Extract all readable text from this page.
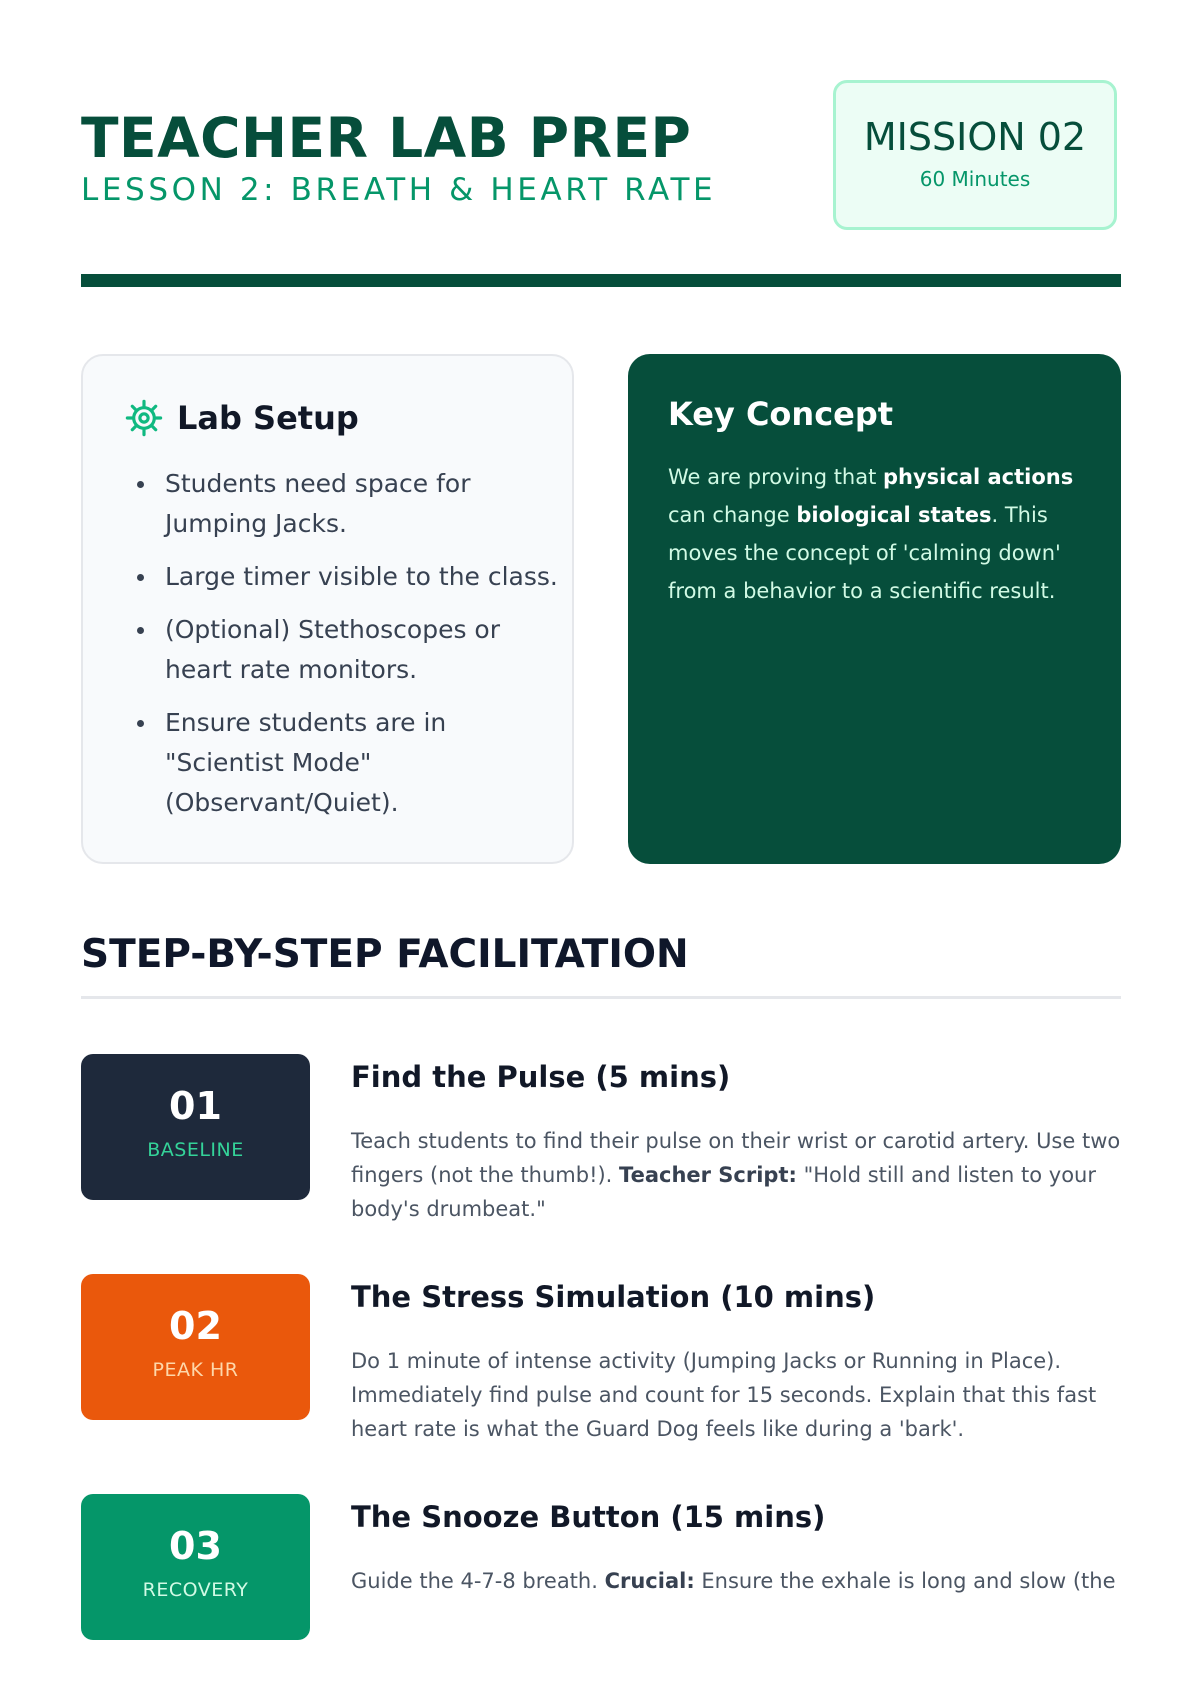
TEACHER LAB PREP
LESSON 2: BREATH & HEART RATE
MISSION 02
60 Minutes
Lab Setup
Students need space for Jumping Jacks.
Large timer visible to the class.
(Optional) Stethoscopes or heart rate monitors.
Ensure students are in "Scientist Mode" (Observant/Quiet).
Key Concept

We are proving that physical actions can change biological states. This moves the concept of 'calming down' from a behavior to a scientific result.

STEP-BY-STEP FACILITATION
01
BASELINE
Find the Pulse (5 mins)

Teach students to find their pulse on their wrist or carotid artery. Use two fingers (not the thumb!). Teacher Script: "Hold still and listen to your body's drumbeat."

02
PEAK HR
The Stress Simulation (10 mins)

Do 1 minute of intense activity (Jumping Jacks or Running in Place). Immediately find pulse and count for 15 seconds. Explain that this fast heart rate is what the Guard Dog feels like during a 'bark'.

03
RECOVERY
The Snooze Button (15 mins)

Guide the 4-7-8 breath. Crucial: Ensure the exhale is long and slow (the
